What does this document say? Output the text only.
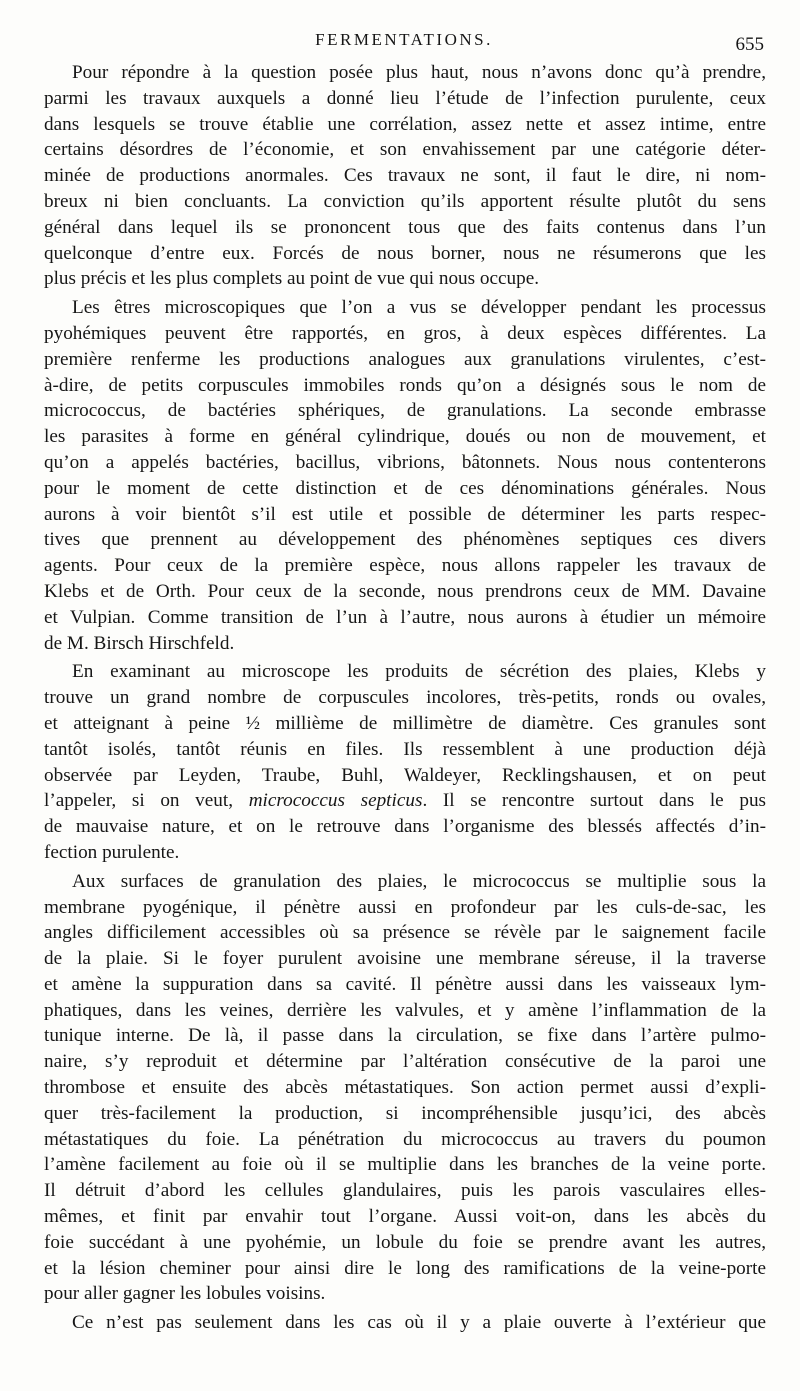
FERMENTATIONS.	655
Pour répondre à la question posée plus haut, nous n’avons donc qu’à prendre,
parmi les travaux auxquels a donné lieu l’étude de l’infection purulente, ceux
dans lesquels se trouve établie une corrélation, assez nette et assez intime, entre
certains désordres de l’économie, et son envahissement par une catégorie déter-
minée de productions anormales. Ces travaux ne sont, il faut le dire, ni nom-
breux ni bien concluants. La conviction qu’ils apportent résulte plutôt du sens
général dans lequel ils se prononcent tous que des faits contenus dans l’un
quelconque d’entre eux. Forcés de nous borner, nous ne résumerons que les
plus précis et les plus complets au point de vue qui nous occupe.
Les êtres microscopiques que l’on a vus se développer pendant les processus
pyohémiques peuvent être rapportés, en gros, à deux espèces différentes. La
première renferme les productions analogues aux granulations virulentes, c’est-
à-dire, de petits corpuscules immobiles ronds qu’on a désignés sous le nom de
micrococcus, de bactéries sphériques, de granulations. La seconde embrasse
les parasites à forme en général cylindrique, doués ou non de mouvement, et
qu’on a appelés bactéries, bacillus, vibrions, bâtonnets. Nous nous contenterons
pour le moment de cette distinction et de ces dénominations générales. Nous
aurons à voir bientôt s’il est utile et possible de déterminer les parts respec-
tives que prennent au développement des phénomènes septiques ces divers
agents. Pour ceux de la première espèce, nous allons rappeler les travaux de
Klebs et de Orth. Pour ceux de la seconde, nous prendrons ceux de MM. Davaine
et Vulpian. Comme transition de l’un à l’autre, nous aurons à étudier un mémoire
de M. Birsch Hirschfeld.
En examinant au microscope les produits de sécrétion des plaies, Klebs y
trouve un grand nombre de corpuscules incolores, très-petits, ronds ou ovales,
et atteignant à peine ½ millième de millimètre de diamètre. Ces granules sont
tantôt isolés, tantôt réunis en files. Ils ressemblent à une production déjà
observée par Leyden, Traube, Buhl, Waldeyer, Recklingshausen, et on peut
l’appeler, si on veut, micrococcus septicus. Il se rencontre surtout dans le pus
de mauvaise nature, et on le retrouve dans l’organisme des blessés affectés d’in-
fection purulente.
Aux surfaces de granulation des plaies, le micrococcus se multiplie sous la
membrane pyogénique, il pénètre aussi en profondeur par les culs-de-sac, les
angles difficilement accessibles où sa présence se révèle par le saignement facile
de la plaie. Si le foyer purulent avoisine une membrane séreuse, il la traverse
et amène la suppuration dans sa cavité. Il pénètre aussi dans les vaisseaux lym-
phatiques, dans les veines, derrière les valvules, et y amène l’inflammation de la
tunique interne. De là, il passe dans la circulation, se fixe dans l’artère pulmo-
naire, s’y reproduit et détermine par l’altération consécutive de la paroi une
thrombose et ensuite des abcès métastatiques. Son action permet aussi d’expli-
quer très-facilement la production, si incompréhensible jusqu’ici, des abcès
métastatiques du foie. La pénétration du micrococcus au travers du poumon
l’amène facilement au foie où il se multiplie dans les branches de la veine porte.
Il détruit d’abord les cellules glandulaires, puis les parois vasculaires elles-
mêmes, et finit par envahir tout l’organe. Aussi voit-on, dans les abcès du
foie succédant à une pyohémie, un lobule du foie se prendre avant les autres,
et la lésion cheminer pour ainsi dire le long des ramifications de la veine-porte
pour aller gagner les lobules voisins.
Ce n’est pas seulement dans les cas où il y a plaie ouverte à l’extérieur que
